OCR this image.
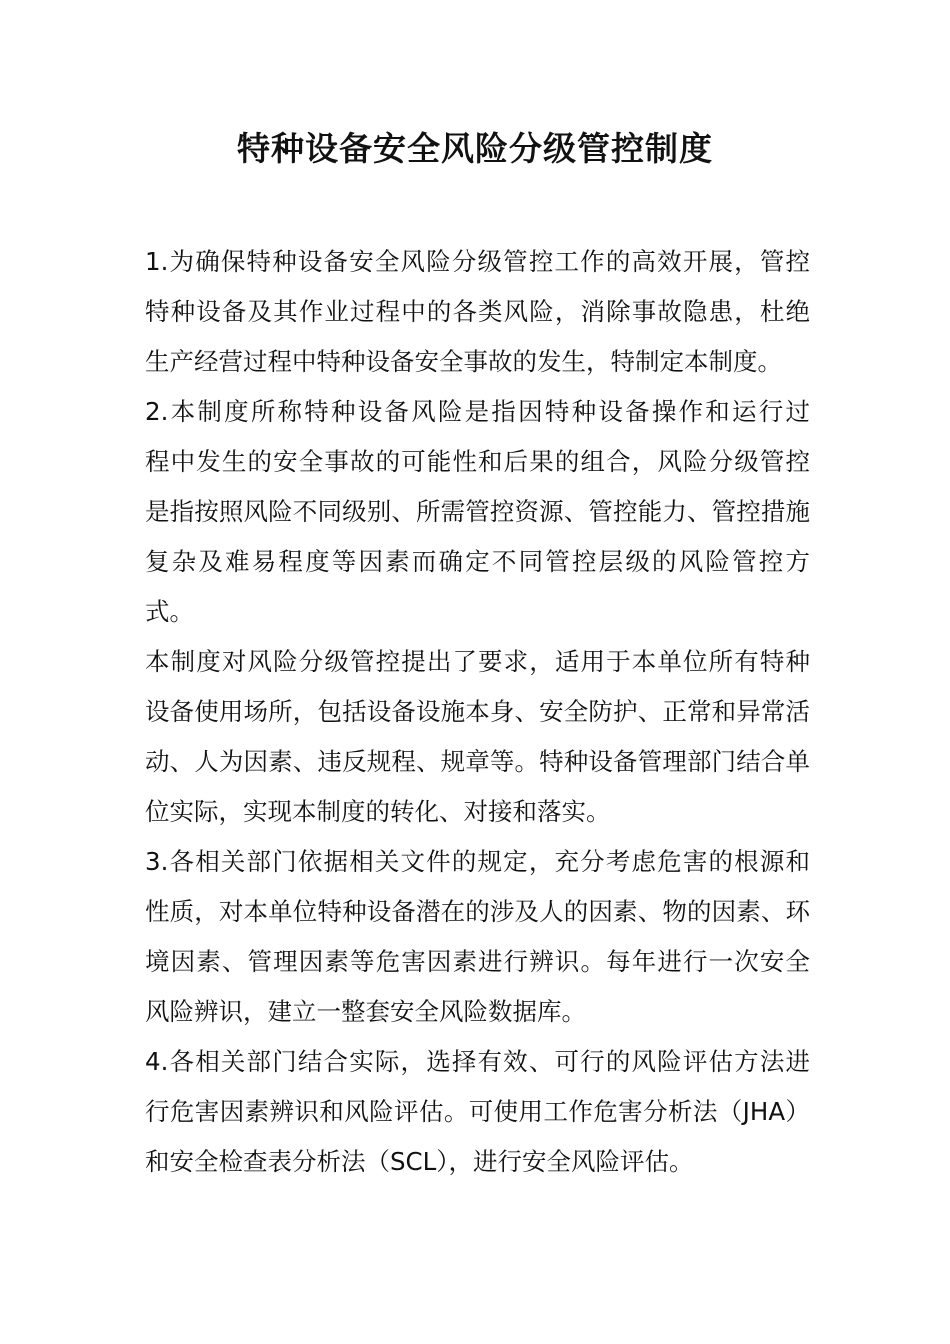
特种设备安全风险分级管控制度
1.为确保特种设备安全风险分级管控工作的高效开展，管控
特种设备及其作业过程中的各类风险，消除事故隐患，杜绝
生产经营过程中特种设备安全事故的发生，特制定本制度。
2.本制度所称特种设备风险是指因特种设备操作和运行过
程中发生的安全事故的可能性和后果的组合，风险分级管控
是指按照风险不同级别、所需管控资源、管控能力、管控措施
复杂及难易程度等因素而确定不同管控层级的风险管控方
式。
本制度对风险分级管控提出了要求，适用于本单位所有特种
设备使用场所，包括设备设施本身、安全防护、正常和异常活
动、人为因素、违反规程、规章等。特种设备管理部门结合单
位实际，实现本制度的转化、对接和落实。
3.各相关部门依据相关文件的规定，充分考虑危害的根源和
性质，对本单位特种设备潜在的涉及人的因素、物的因素、环
境因素、管理因素等危害因素进行辨识。每年进行一次安全
风险辨识，建立一整套安全风险数据库。
4.各相关部门结合实际，选择有效、可行的风险评估方法进
行危害因素辨识和风险评估。可使用工作危害分析法（JHA）
和安全检查表分析法（SCL），进行安全风险评估。
